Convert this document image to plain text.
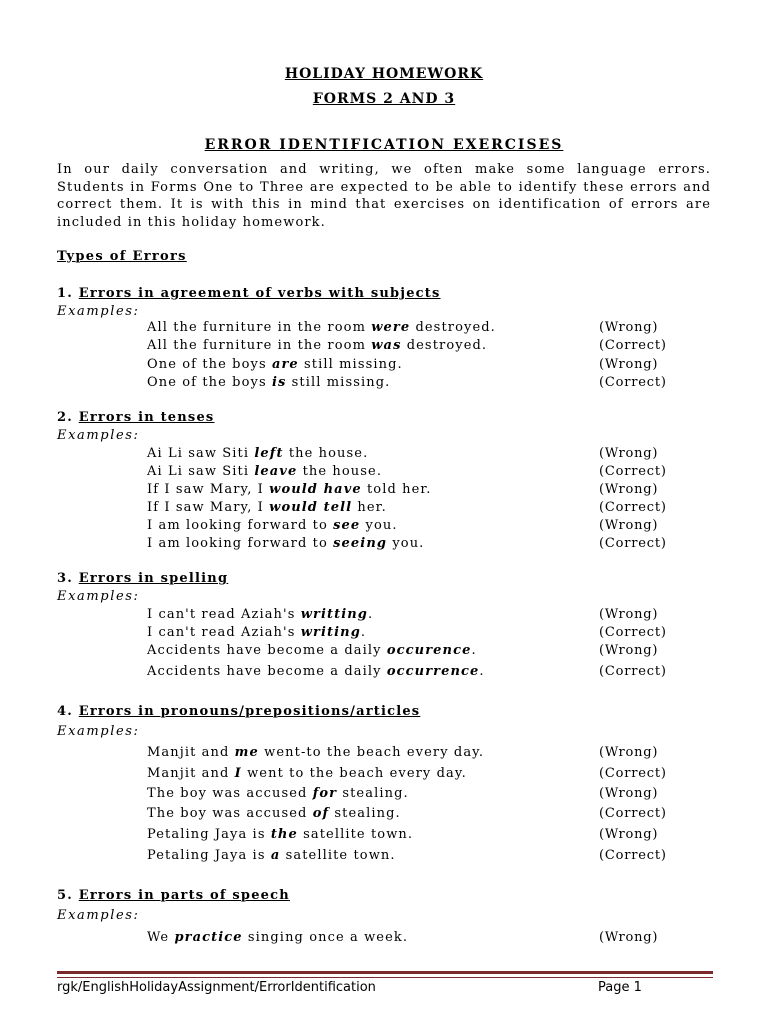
HOLIDAY HOMEWORK
FORMS 2 AND 3
ERROR IDENTIFICATION EXERCISES
In our daily conversation and writing, we often make some language errors. Students in Forms One to Three are expected to be able to identify these errors and correct them. It is with this in mind that exercises on identification of errors are included in this holiday homework.
Types of Errors
1. Errors in agreement of verbs with subjects
Examples:
All the furniture in the room were destroyed.	(Wrong)
All the furniture in the room was destroyed.	(Correct)
One of the boys are still missing.	(Wrong)
One of the boys is still missing.	(Correct)
2. Errors in tenses
Examples:
Ai Li saw Siti left the house.	(Wrong)
Ai Li saw Siti leave the house.	(Correct)
If I saw Mary, I would have told her.	(Wrong)
If I saw Mary, I would tell her.	(Correct)
I am looking forward to see you.	(Wrong)
I am looking forward to seeing you.	(Correct)
3. Errors in spelling
Examples:
I can't read Aziah's writting.	(Wrong)
I can't read Aziah's writing.	(Correct)
Accidents have become a daily occurence.	(Wrong)
Accidents have become a daily occurrence.	(Correct)
4. Errors in pronouns/prepositions/articles
Examples:
Manjit and me went-to the beach every day.	(Wrong)
Manjit and I went to the beach every day.	(Correct)
The boy was accused for stealing.	(Wrong)
The boy was accused of stealing.	(Correct)
Petaling Jaya is the satellite town.	(Wrong)
Petaling Jaya is a satellite town.	(Correct)
5. Errors in parts of speech
Examples:
We practice singing once a week.	(Wrong)
rgk/EnglishHolidayAssignment/ErrorIdentification	Page 1
